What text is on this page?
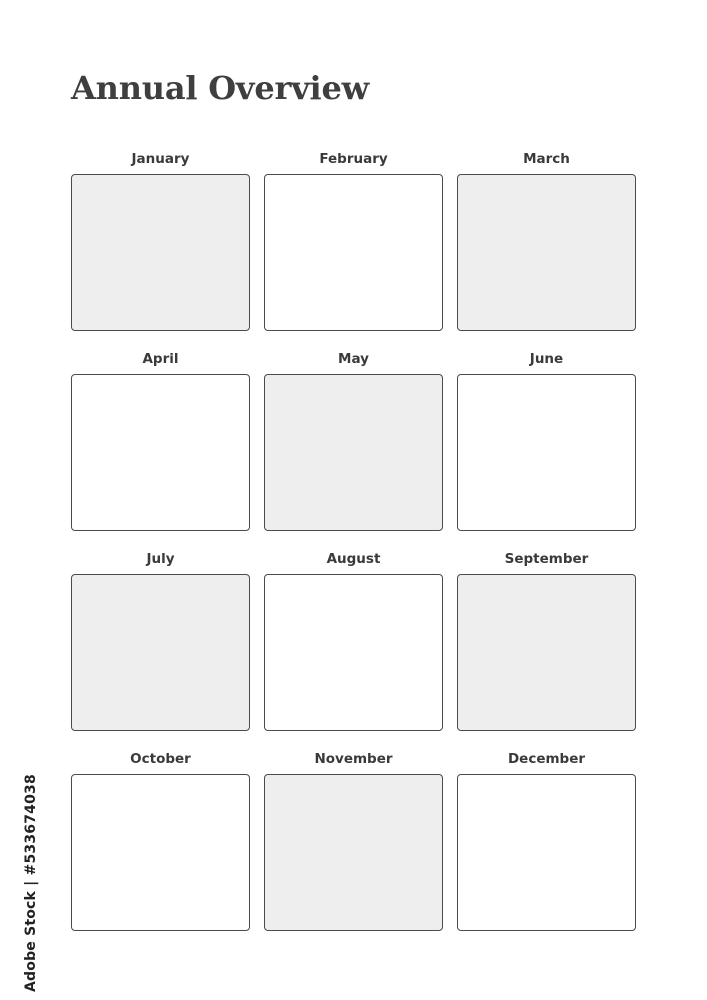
Annual Overview
January	February	March
April	May	June
July	August	September
October	November	December
Adobe Stock | #533674038
